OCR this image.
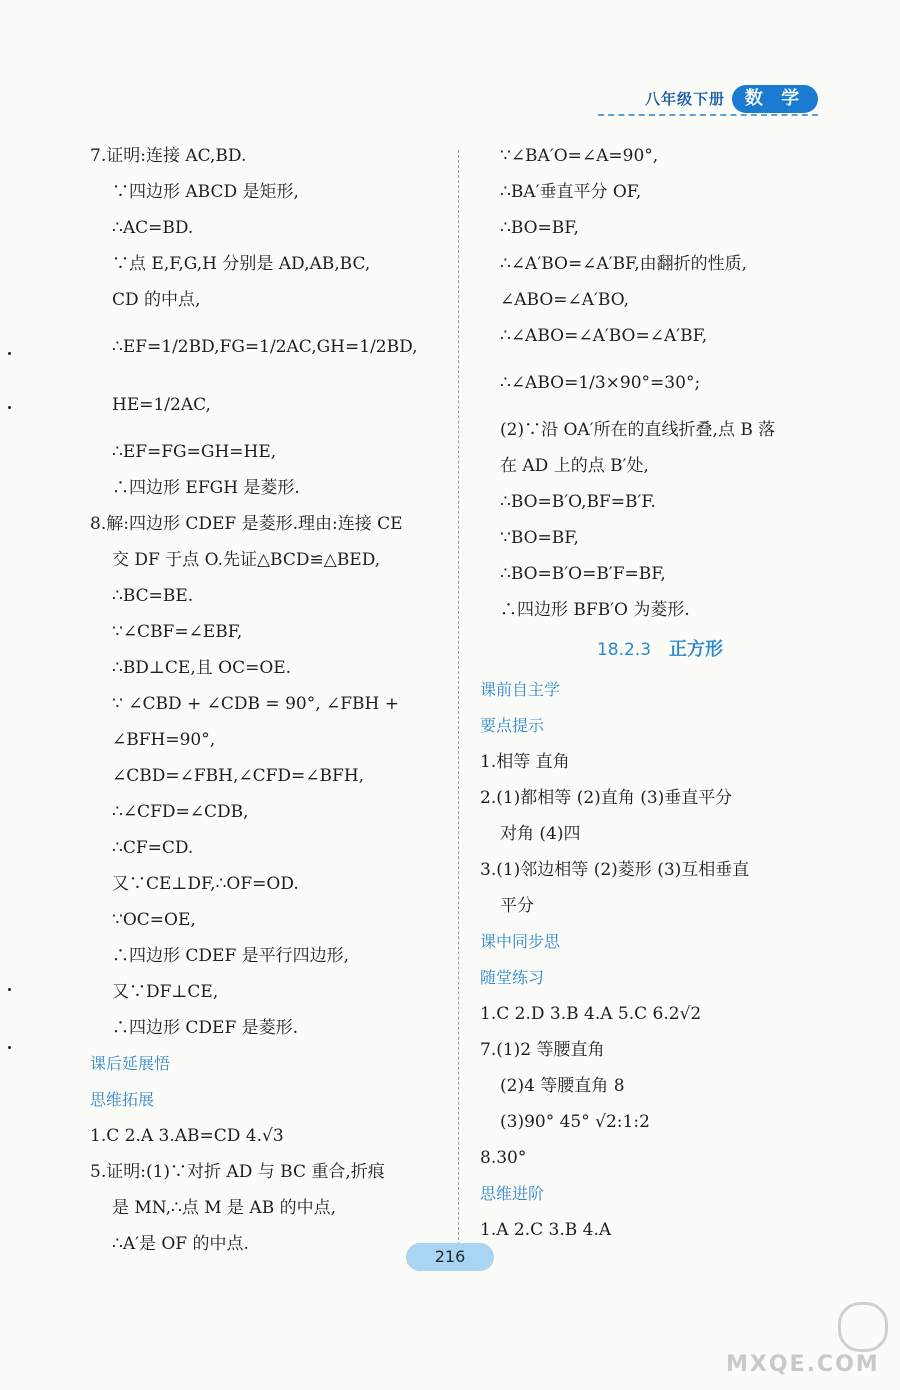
八年级下册	数 学
7.证明:连接 AC,BD.
∵四边形 ABCD 是矩形,
∴AC=BD.
∵点 E,F,G,H 分别是 AD,AB,BC,
CD 的中点,
∴EF=1/2BD,FG=1/2AC,GH=1/2BD,
HE=1/2AC,
∴EF=FG=GH=HE,
∴四边形 EFGH 是菱形.
8.解:四边形 CDEF 是菱形.理由:连接 CE
交 DF 于点 O.先证△BCD≌△BED,
∴BC=BE.
∵∠CBF=∠EBF,
∴BD⊥CE,且 OC=OE.
∵ ∠CBD + ∠CDB = 90°, ∠FBH +
∠BFH=90°,
∠CBD=∠FBH,∠CFD=∠BFH,
∴∠CFD=∠CDB,
∴CF=CD.
又∵CE⊥DF,∴OF=OD.
∵OC=OE,
∴四边形 CDEF 是平行四边形,
又∵DF⊥CE,
∴四边形 CDEF 是菱形.
课后延展悟
思维拓展
1.C 2.A 3.AB=CD 4.√3
5.证明:(1)∵对折 AD 与 BC 重合,折痕
是 MN,∴点 M 是 AB 的中点,
∴A′是 OF 的中点.
∵∠BA′O=∠A=90°,
∴BA′垂直平分 OF,
∴BO=BF,
∴∠A′BO=∠A′BF,由翻折的性质,
∠ABO=∠A′BO,
∴∠ABO=∠A′BO=∠A′BF,
∴∠ABO=1/3×90°=30°;
(2)∵沿 OA′所在的直线折叠,点 B 落
在 AD 上的点 B′处,
∴BO=B′O,BF=B′F.
∵BO=BF,
∴BO=B′O=B′F=BF,
∴四边形 BFB′O 为菱形.
18.2.3 正方形
课前自主学
要点提示
1.相等 直角
2.(1)都相等 (2)直角 (3)垂直平分
对角 (4)四
3.(1)邻边相等 (2)菱形 (3)互相垂直
平分
课中同步思
随堂练习
1.C 2.D 3.B 4.A 5.C 6.2√2
7.(1)2 等腰直角
(2)4 等腰直角 8
(3)90° 45° √2:1:2
8.30°
思维进阶
1.A 2.C 3.B 4.A
216
MXQE.COM
